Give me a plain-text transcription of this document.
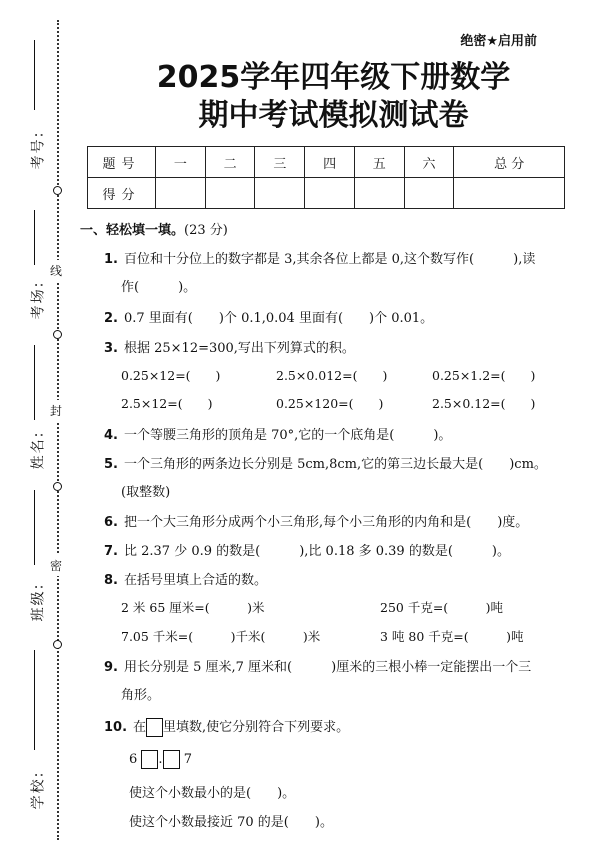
考号:
考场:
姓名:
班级:
学校:
线
封
密
绝密★启用前
2025学年四年级下册数学
期中考试模拟测试卷
题号	一	二	三	四	五	六	总 分
得分							
一、轻松填一填。(23 分)
1. 百位和十分位上的数字都是 3,其余各位上都是 0,这个数写作(　　　),读
作(　　　)。
2. 0.7 里面有(　　)个 0.1,0.04 里面有(　　)个 0.01。
3. 根据 25×12=300,写出下列算式的积。
0.25×12=(　　)	2.5×0.012=(　　)	0.25×1.2=(　　)
2.5×12=(　　)	0.25×120=(　　)	2.5×0.12=(　　)
4. 一个等腰三角形的顶角是 70°,它的一个底角是(　　　)。
5. 一个三角形的两条边长分别是 5cm,8cm,它的第三边长最大是(　　)cm。
(取整数)
6. 把一个大三角形分成两个小三角形,每个小三角形的内角和是(　　)度。
7. 比 2.37 少 0.9 的数是(　　　),比 0.18 多 0.39 的数是(　　　)。
8. 在括号里填上合适的数。
2 米 65 厘米=(　　　)米	250 千克=(　　　)吨
7.05 千米=(　　　)千米(　　　)米	3 吨 80 千克=(　　　)吨
9. 用长分别是 5 厘米,7 厘米和(　　　)厘米的三根小棒一定能摆出一个三
角形。
10. 在 里填数,使它分别符合下列要求。
6 . 7
使这个小数最小的是(　　)。
使这个小数最接近 70 的是(　　)。
